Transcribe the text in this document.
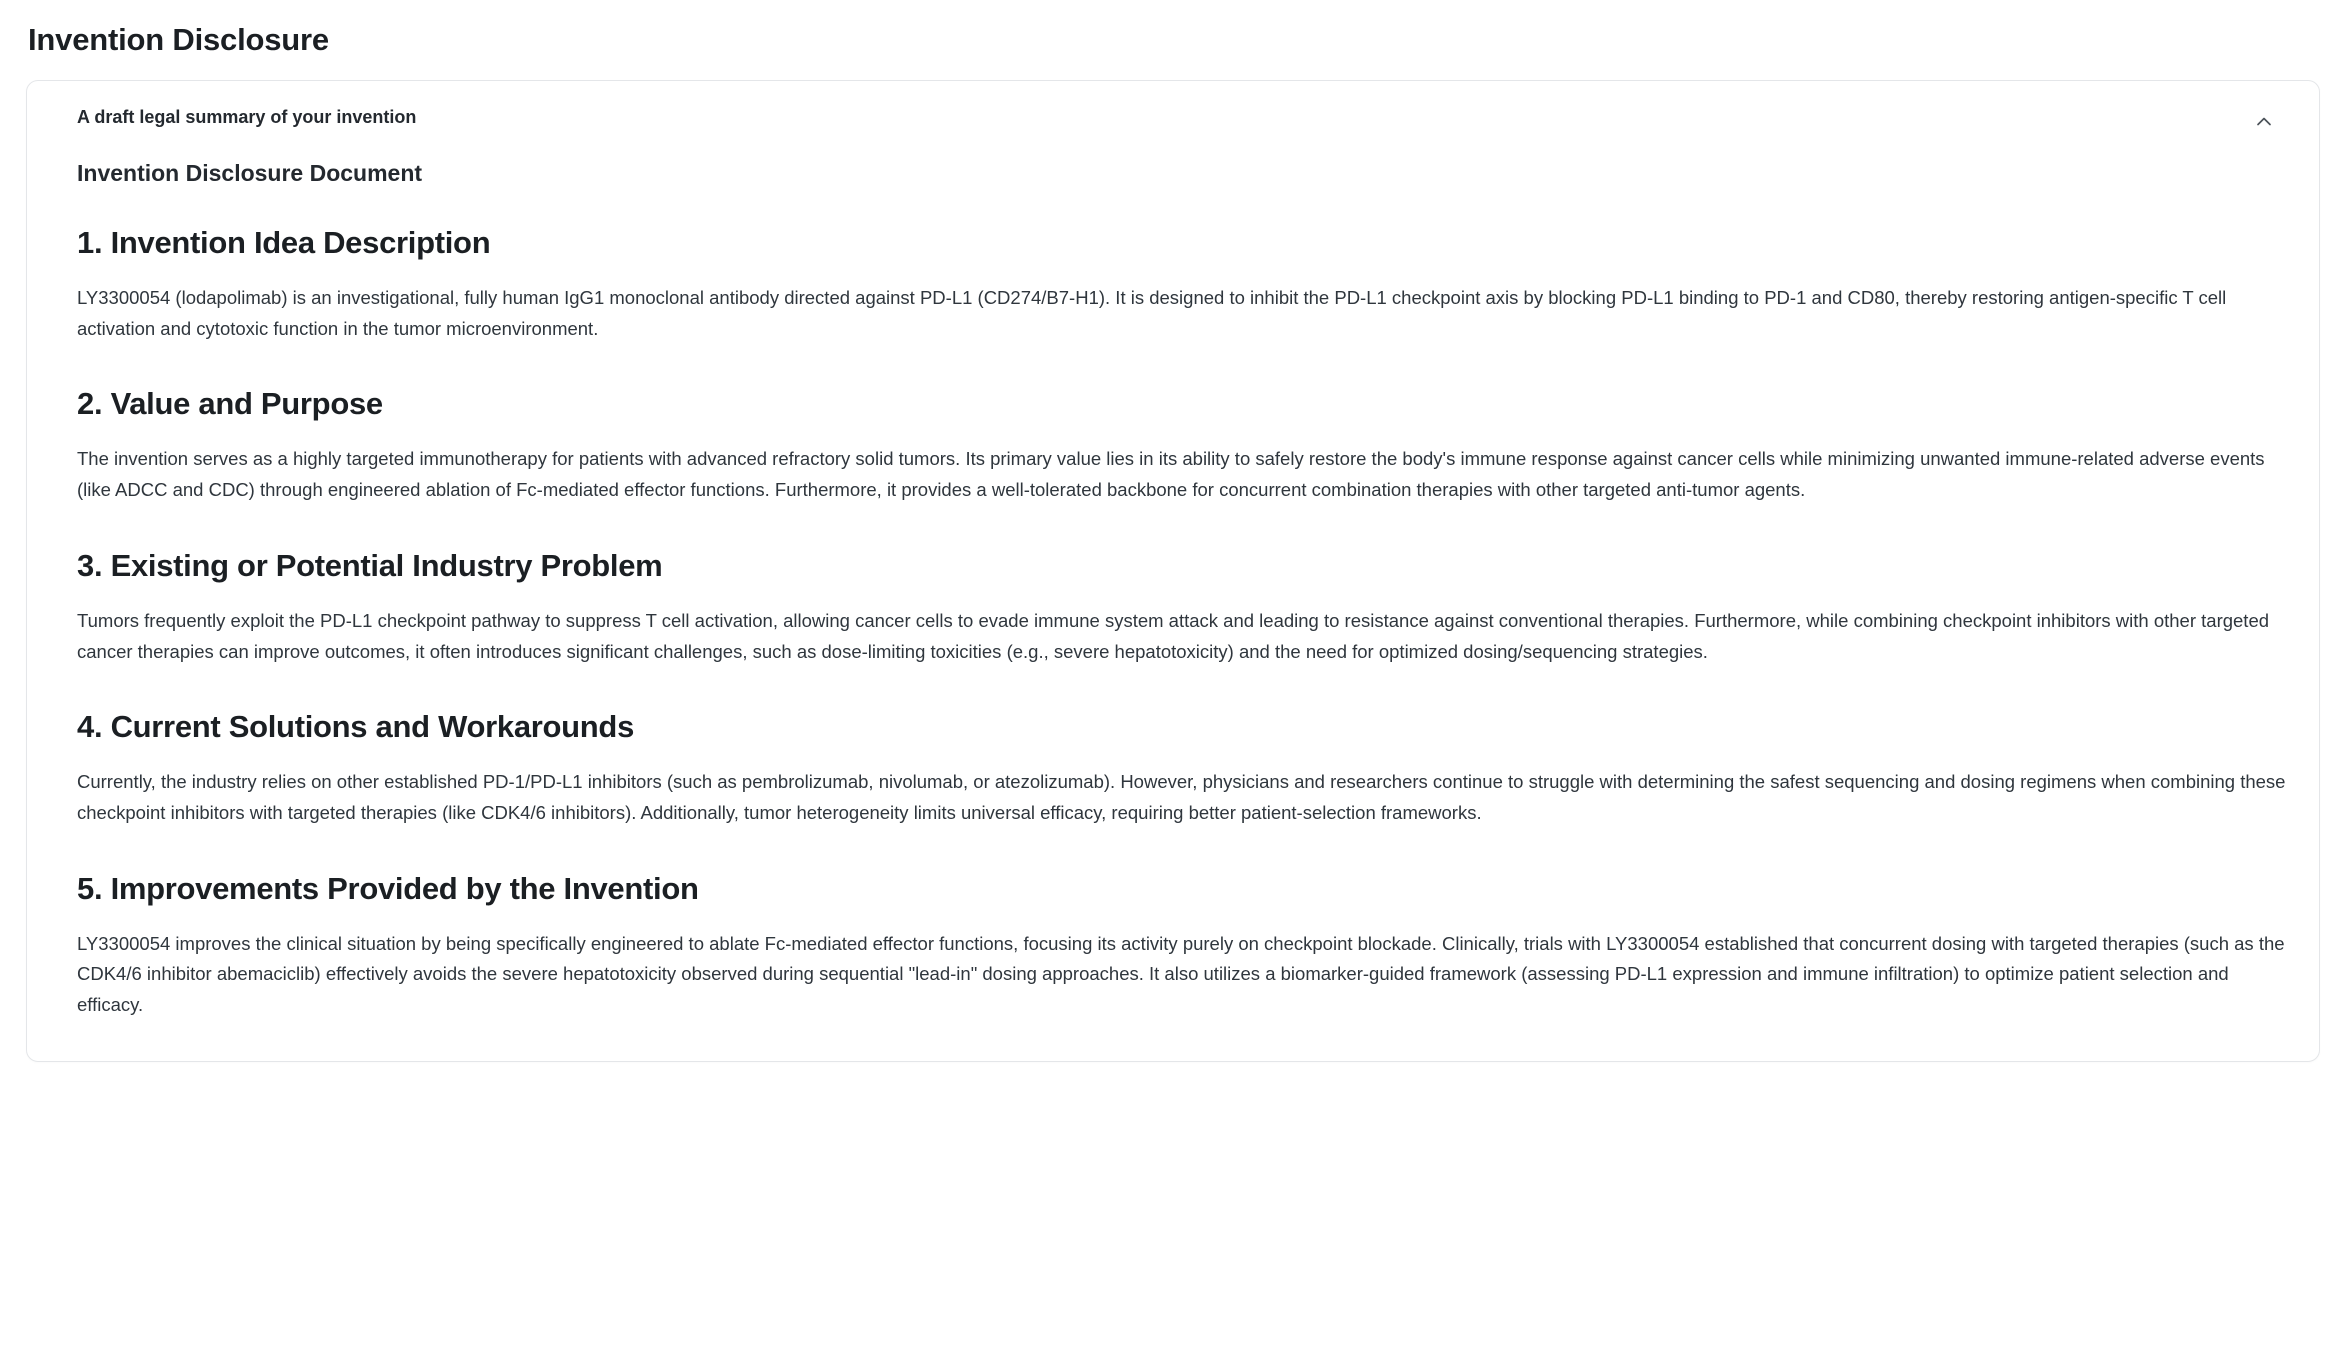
Invention Disclosure
A draft legal summary of your invention
Invention Disclosure Document
1. Invention Idea Description

LY3300054 (lodapolimab) is an investigational, fully human IgG1 monoclonal antibody directed against PD-L1 (CD274/B7-H1). It is designed to inhibit the PD-L1 checkpoint axis by blocking PD-L1 binding to PD-1 and CD80, thereby restoring antigen-specific T cell activation and cytotoxic function in the tumor microenvironment.

2. Value and Purpose

The invention serves as a highly targeted immunotherapy for patients with advanced refractory solid tumors. Its primary value lies in its ability to safely restore the body's immune response against cancer cells while minimizing unwanted immune-related adverse events (like ADCC and CDC) through engineered ablation of Fc-mediated effector functions. Furthermore, it provides a well-tolerated backbone for concurrent combination therapies with other targeted anti-tumor agents.

3. Existing or Potential Industry Problem

Tumors frequently exploit the PD-L1 checkpoint pathway to suppress T cell activation, allowing cancer cells to evade immune system attack and leading to resistance against conventional therapies. Furthermore, while combining checkpoint inhibitors with other targeted cancer therapies can improve outcomes, it often introduces significant challenges, such as dose-limiting toxicities (e.g., severe hepatotoxicity) and the need for optimized dosing/sequencing strategies.

4. Current Solutions and Workarounds

Currently, the industry relies on other established PD-1/PD-L1 inhibitors (such as pembrolizumab, nivolumab, or atezolizumab). However, physicians and researchers continue to struggle with determining the safest sequencing and dosing regimens when combining these checkpoint inhibitors with targeted therapies (like CDK4/6 inhibitors). Additionally, tumor heterogeneity limits universal efficacy, requiring better patient-selection frameworks.

5. Improvements Provided by the Invention

LY3300054 improves the clinical situation by being specifically engineered to ablate Fc-mediated effector functions, focusing its activity purely on checkpoint blockade. Clinically, trials with LY3300054 established that concurrent dosing with targeted therapies (such as the CDK4/6 inhibitor abemaciclib) effectively avoids the severe hepatotoxicity observed during sequential "lead-in" dosing approaches. It also utilizes a biomarker-guided framework (assessing PD-L1 expression and immune infiltration) to optimize patient selection and efficacy.
